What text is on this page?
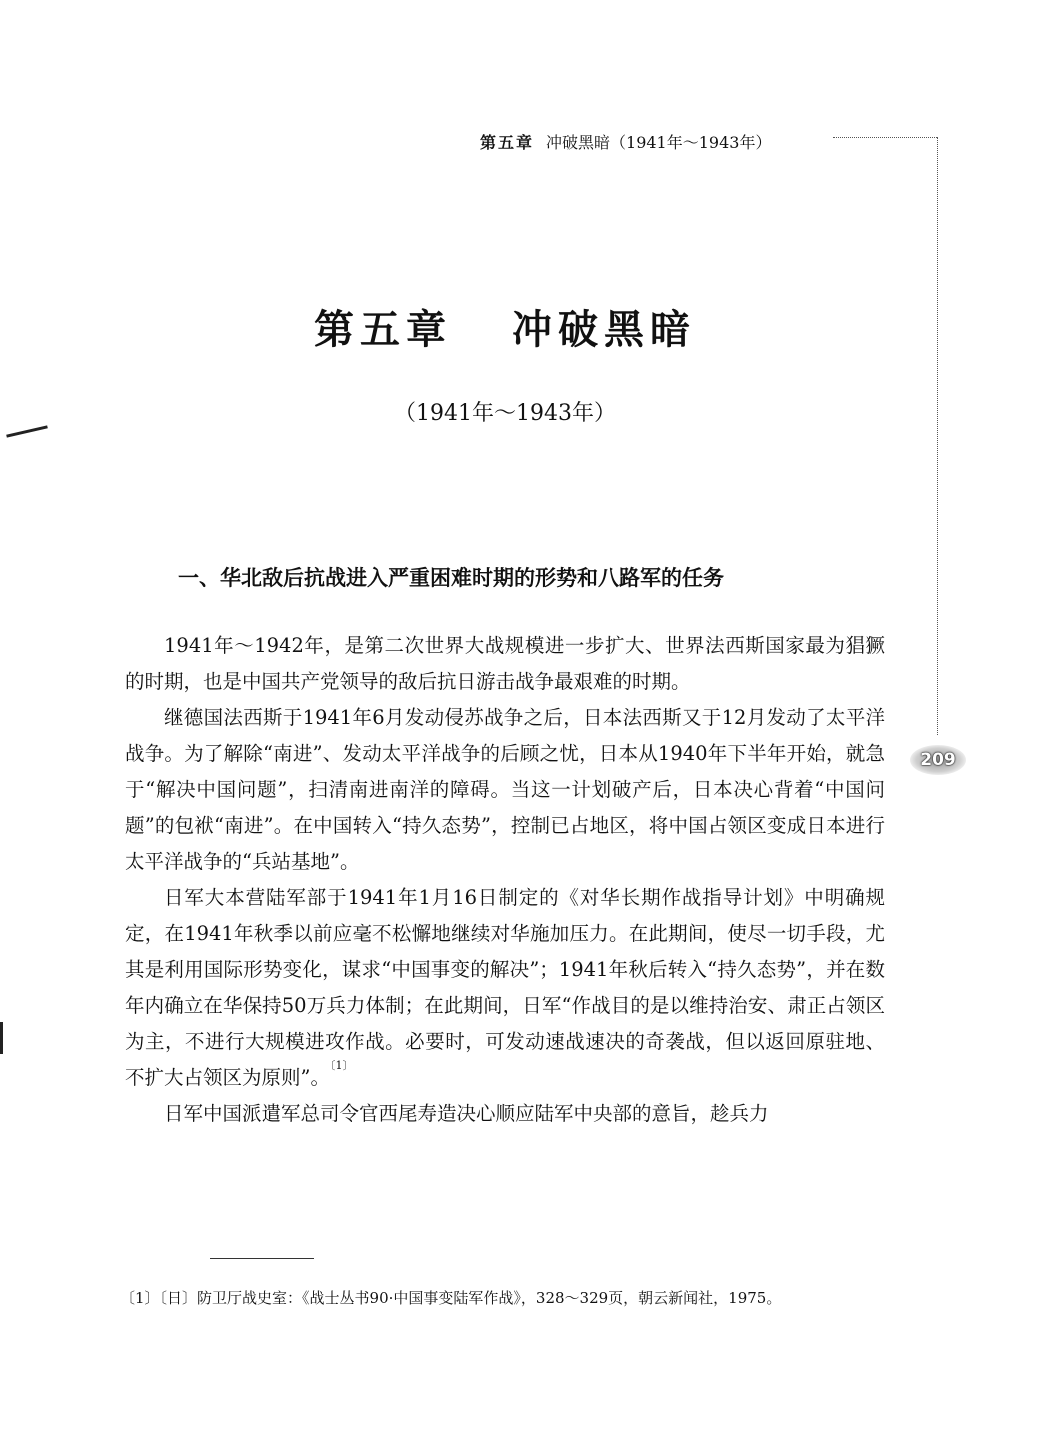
第五章 冲破黑暗（1941年～1943年）
209
第五章 冲破黑暗
（1941年～1943年）
一、华北敌后抗战进入严重困难时期的形势和八路军的任务

1941年～1942年，是第二次世界大战规模进一步扩大、世界法西斯国家最为猖獗的时期，也是中国共产党领导的敌后抗日游击战争最艰难的时期。

继德国法西斯于1941年6月发动侵苏战争之后，日本法西斯又于12月发动了太平洋战争。为了解除“南进”、发动太平洋战争的后顾之忧，日本从1940年下半年开始，就急于“解决中国问题”，扫清南进南洋的障碍。当这一计划破产后，日本决心背着“中国问题”的包袱“南进”。在中国转入“持久态势”，控制已占地区，将中国占领区变成日本进行太平洋战争的“兵站基地”。

日军大本营陆军部于1941年1月16日制定的《对华长期作战指导计划》中明确规定，在1941年秋季以前应毫不松懈地继续对华施加压力。在此期间，使尽一切手段，尤其是利用国际形势变化，谋求“中国事变的解决”；1941年秋后转入“持久态势”，并在数年内确立在华保持50万兵力体制；在此期间，日军“作战目的是以维持治安、肃正占领区为主，不进行大规模进攻作战。必要时，可发动速战速决的奇袭战，但以返回原驻地、不扩大占领区为原则”。$^{〔1〕}$

日军中国派遣军总司令官西尾寿造决心顺应陆军中央部的意旨，趁兵力

〔1〕〔日〕防卫厅战史室：《战士丛书90·中国事变陆军作战》，328～329页，朝云新闻社，1975。
